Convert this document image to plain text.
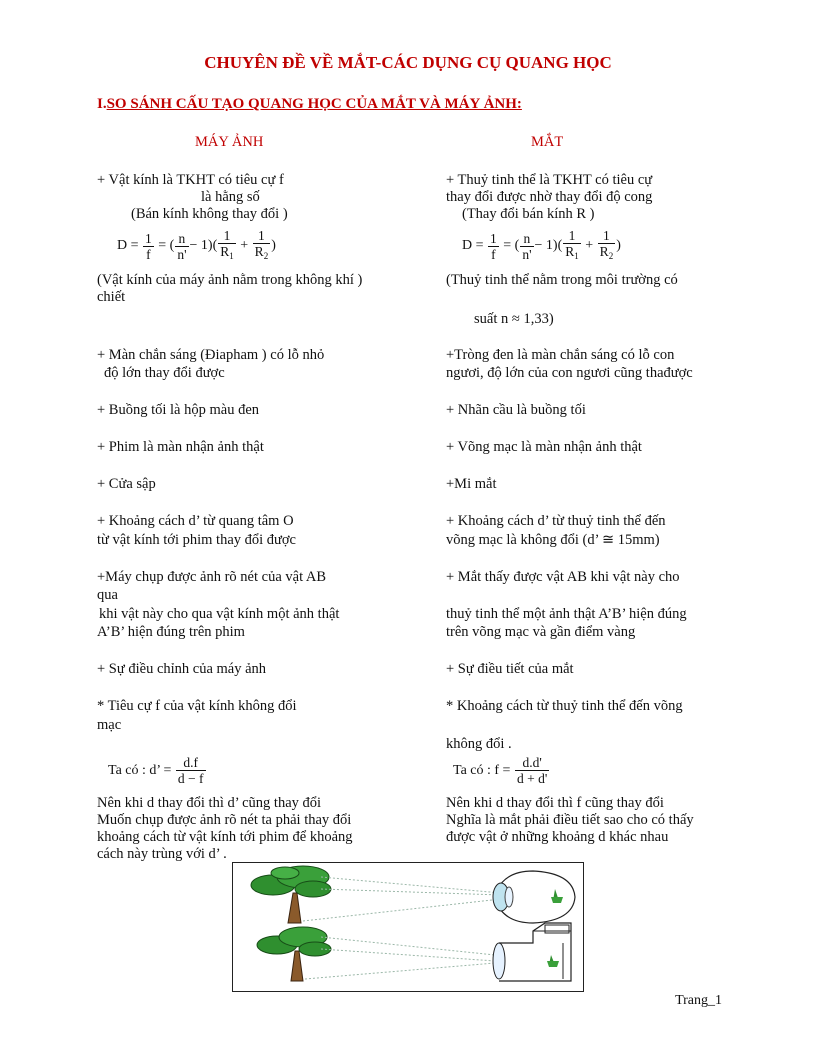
CHUYÊN ĐỀ VỀ MẮT-CÁC DỤNG CỤ QUANG HỌC
I.SO SÁNH CẤU TẠO QUANG HỌC CỦA MẮT VÀ MÁY ẢNH:
MÁY ẢNH	MẮT
+ Vật kính là TKHT có tiêu cự f
là hằng số
(Bán kính không thay đổi )
$D = \frac{1}{f}$ = ( $\frac{n}{n'} - 1)( \frac{1}{R_1} + \frac{1}{R_2}$ )
(Vật kính của máy ảnh nằm trong không khí )
chiết
+ Màn chắn sáng (Điapham ) có lỗ nhỏ
độ lớn thay đổi được
+ Buồng tối là hộp màu đen
+ Phim là màn nhận ảnh thật
+ Cửa sập
+ Khoảng cách d’ từ quang tâm O
từ vật kính tới phim thay đổi được
+Máy chụp được ảnh rõ nét của vật AB
qua
khi vật này cho qua vật kính một ảnh thật
A’B’ hiện đúng trên phim
+ Sự điều chỉnh của máy ảnh
* Tiêu cự f của vật kính không đổi
mạc
Ta có : d’ = $\frac{d.f}{d - f}$
Nên khi d thay đổi thì d’ cũng thay đổi
Muốn chụp được ảnh rõ nét ta phải thay đổi
khoảng cách từ vật kính tới phim để khoảng
cách này trùng với d’ .
+ Thuỷ tinh thể là TKHT có tiêu cự
thay đổi được nhờ thay đổi độ cong
(Thay đổi bán kính R )
$D = \frac{1}{f}$ = ( $\frac{n}{n'} - 1)( \frac{1}{R_1} + \frac{1}{R_2}$ )
(Thuỷ tinh thể nằm trong môi trường có
suất n ≈ 1,33)
+Tròng đen là màn chắn sáng có lỗ con
ngươi, độ lớn của con ngươi cũng thađược
+ Nhãn cầu là buồng tối
+ Võng mạc là màn nhận ảnh thật
+Mi mắt
+ Khoảng cách d’ từ thuỷ tinh thể đến
võng mạc là không đổi (d’ ≅ 15mm)
+ Mắt thấy được vật AB khi vật này cho
thuỷ tinh thể một ảnh thật A’B’ hiện đúng
trên võng mạc và gần điểm vàng
+ Sự điều tiết của mắt
* Khoảng cách từ thuỷ tinh thể đến võng
không đổi .
Ta có : $f = \frac{d.d'}{d + d'}$
Nên khi d thay đổi thì f cũng thay đổi
Nghĩa là mắt phải điều tiết sao cho có thấy
được vật ở những khoảng d khác nhau
Trang_1
